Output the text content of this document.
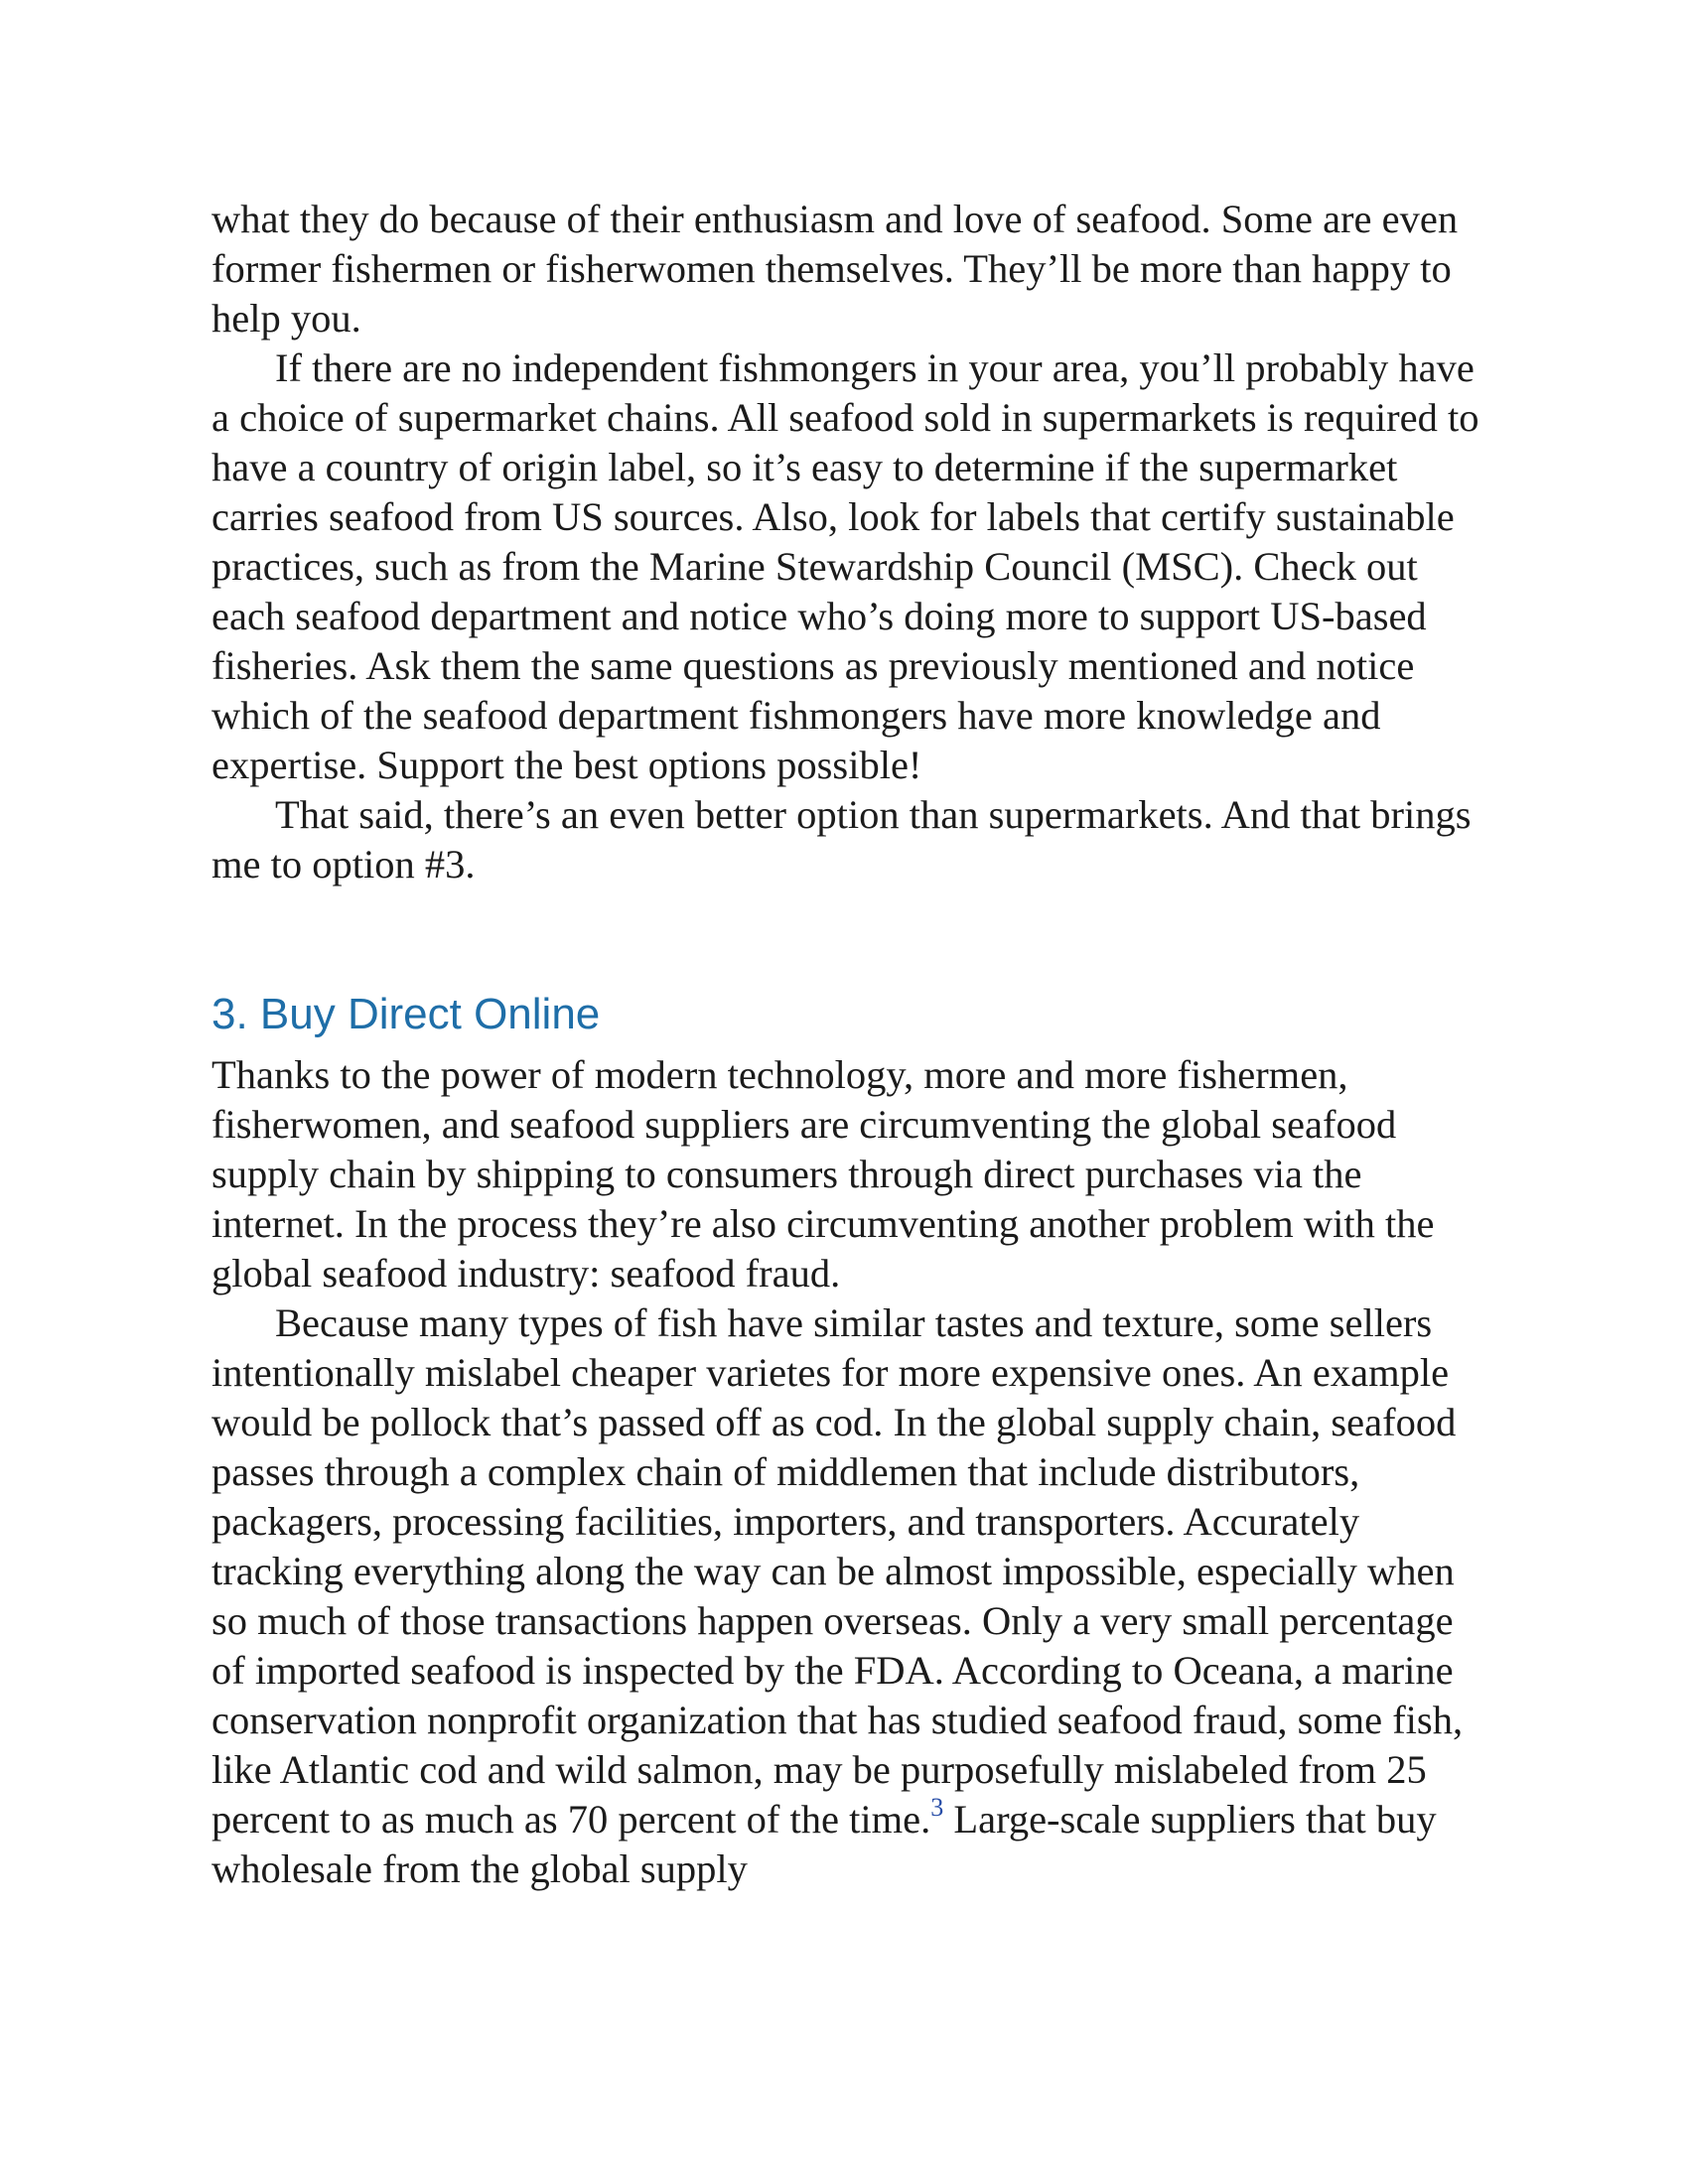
what they do because of their enthusiasm and love of seafood. Some are even former fishermen or fisherwomen themselves. They’ll be more than happy to help you.

If there are no independent fishmongers in your area, you’ll probably have a choice of supermarket chains. All seafood sold in supermarkets is required to have a country of origin label, so it’s easy to determine if the supermarket carries seafood from US sources. Also, look for labels that certify sustainable practices, such as from the Marine Stewardship Council (MSC). Check out each seafood department and notice who’s doing more to support US-based fisheries. Ask them the same questions as previously mentioned and notice which of the seafood department fishmongers have more knowledge and expertise. Support the best options possible!

That said, there’s an even better option than supermarkets. And that brings me to option #3.

3. Buy Direct Online

Thanks to the power of modern technology, more and more fishermen, fisherwomen, and seafood suppliers are circumventing the global seafood supply chain by shipping to consumers through direct purchases via the internet. In the process they’re also circumventing another problem with the global seafood industry: seafood fraud.

Because many types of fish have similar tastes and texture, some sellers intentionally mislabel cheaper varietes for more expensive ones. An example would be pollock that’s passed off as cod. In the global supply chain, seafood passes through a complex chain of middlemen that include distributors, packagers, processing facilities, importers, and transporters. Accurately tracking everything along the way can be almost impossible, especially when so much of those transactions happen overseas. Only a very small percentage of imported seafood is inspected by the FDA. According to Oceana, a marine conservation nonprofit organization that has studied seafood fraud, some fish, like Atlantic cod and wild salmon, may be purposefully mislabeled from 25 percent to as much as 70 percent of the time.$^3$ Large-scale suppliers that buy wholesale from the global supply
